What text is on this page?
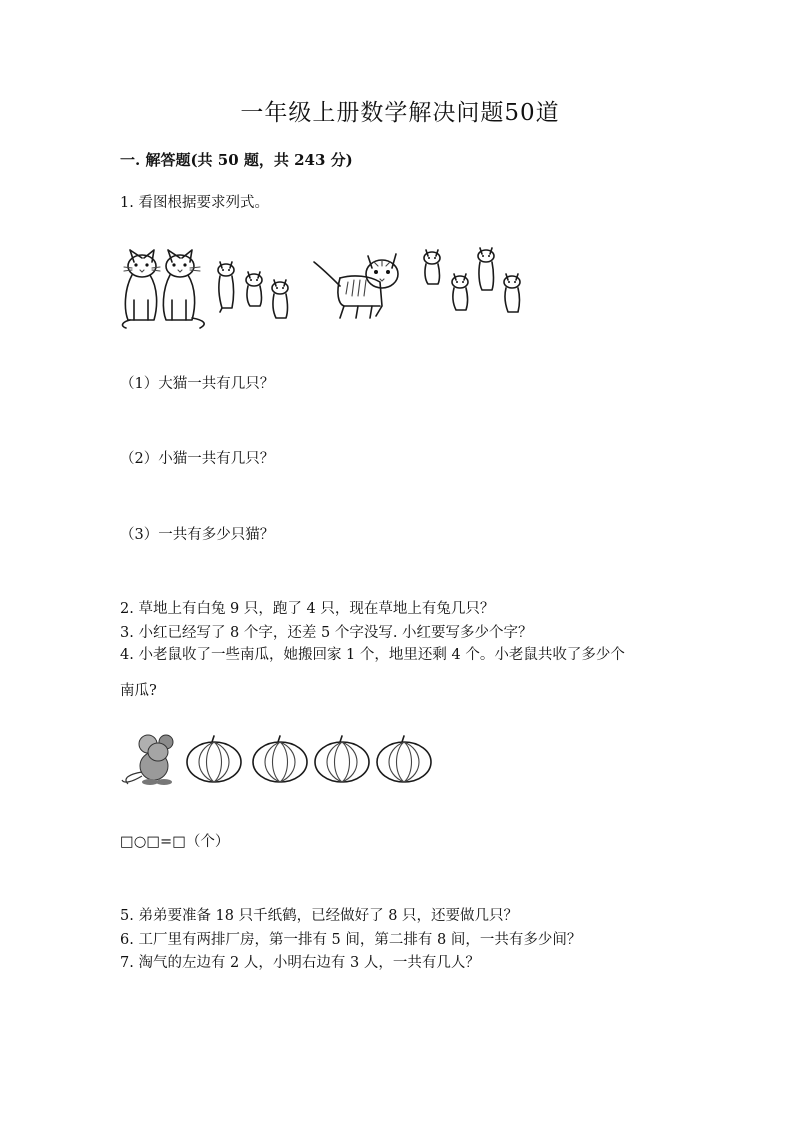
一年级上册数学解决问题50道
一. 解答题(共 50 题，共 243 分)
1. 看图根据要求列式。
（1）大猫一共有几只？
（2）小猫一共有几只？
（3）一共有多少只猫？
2. 草地上有白兔 9 只，跑了 4 只，现在草地上有兔几只？
3. 小红已经写了 8 个字，还差 5 个字没写. 小红要写多少个字？
4. 小老鼠收了一些南瓜，她搬回家 1 个，地里还剩 4 个。小老鼠共收了多少个
南瓜?
□○□=□（个）
5. 弟弟要准备 18 只千纸鹤，已经做好了 8 只，还要做几只？
6. 工厂里有两排厂房，第一排有 5 间，第二排有 8 间，一共有多少间？
7. 淘气的左边有 2 人，小明右边有 3 人，一共有几人？
